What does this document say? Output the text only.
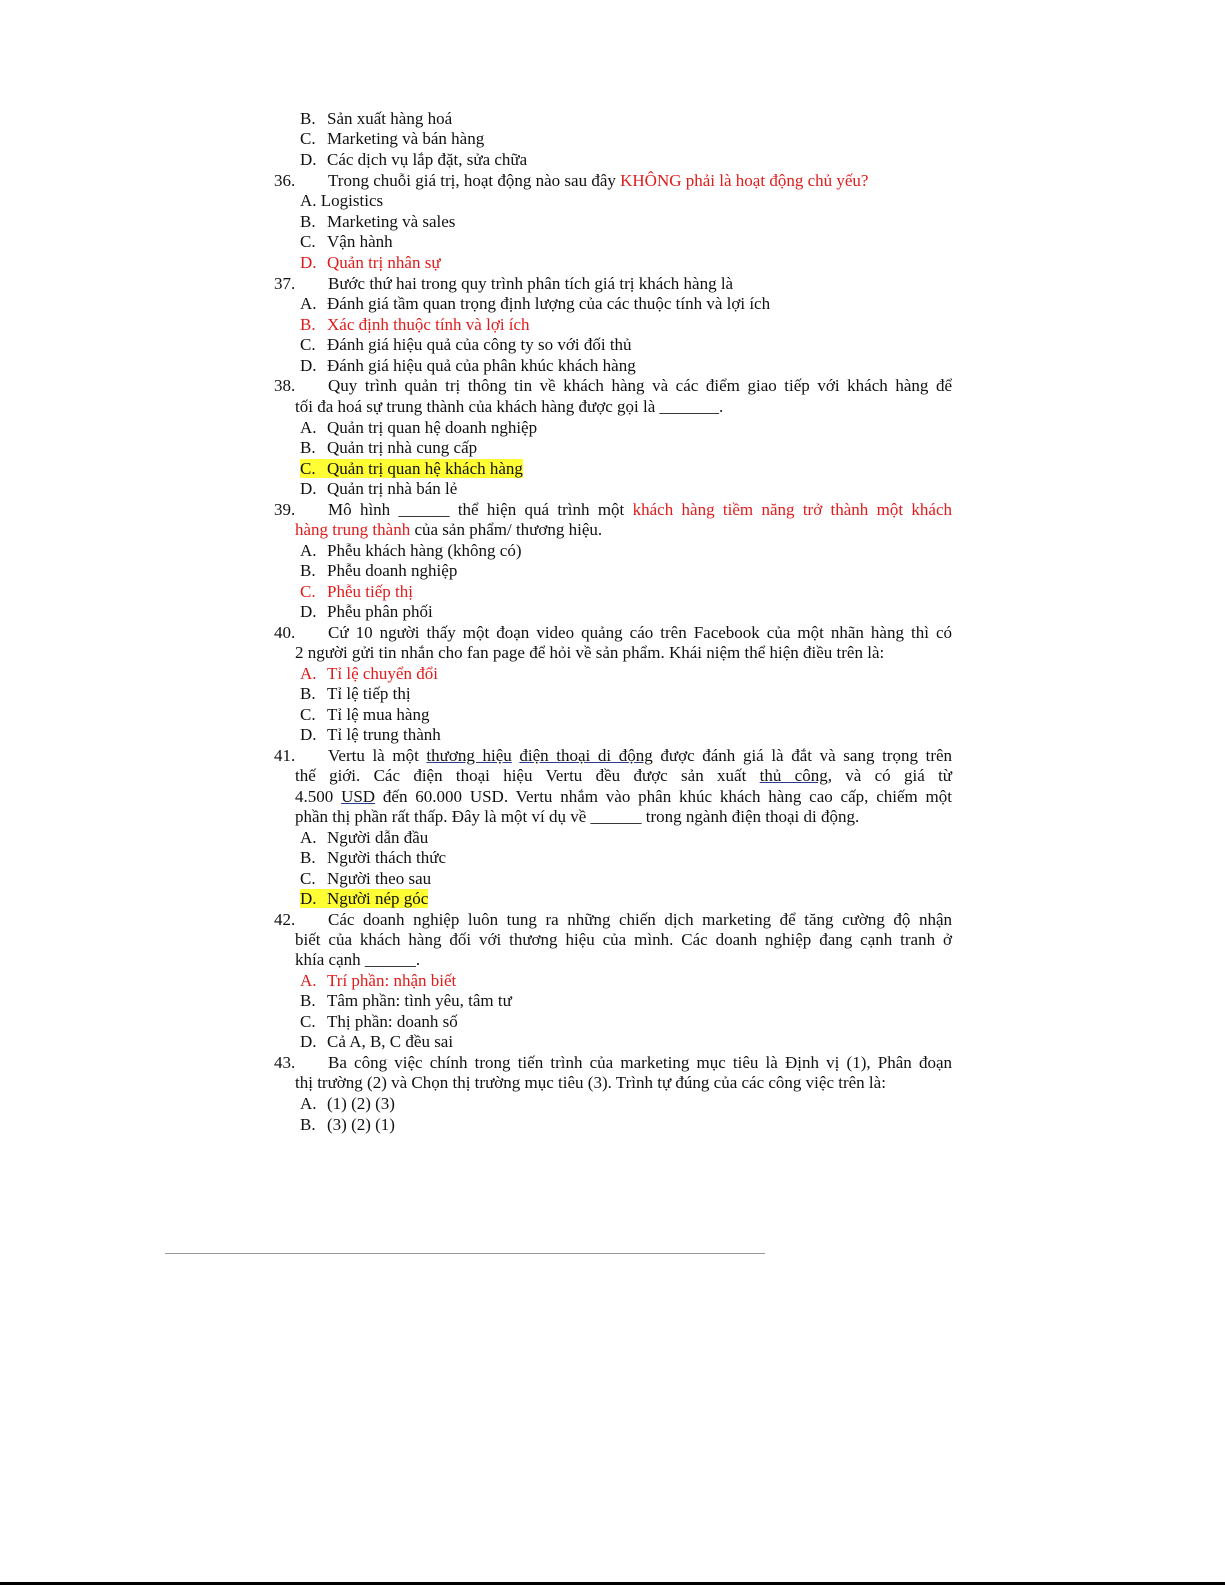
B. Sản xuất hàng hoá
C. Marketing và bán hàng
D. Các dịch vụ lắp đặt, sửa chữa
36. Trong chuỗi giá trị, hoạt động nào sau đây KHÔNG phải là hoạt động chủ yếu?
A. Logistics
B. Marketing và sales
C. Vận hành
D. Quản trị nhân sự
37. Bước thứ hai trong quy trình phân tích giá trị khách hàng là
A. Đánh giá tầm quan trọng định lượng của các thuộc tính và lợi ích
B. Xác định thuộc tính và lợi ích
C. Đánh giá hiệu quả của công ty so với đối thủ
D. Đánh giá hiệu quả của phân khúc khách hàng
38. Quy trình quản trị thông tin về khách hàng và các điểm giao tiếp với khách hàng để
tối đa hoá sự trung thành của khách hàng được gọi là _______.
A. Quản trị quan hệ doanh nghiệp
B. Quản trị nhà cung cấp
C. Quản trị quan hệ khách hàng
D. Quản trị nhà bán lẻ
39. Mô hình ______ thể hiện quá trình một khách hàng tiềm năng trở thành một khách
hàng trung thành của sản phẩm/ thương hiệu.
A. Phễu khách hàng (không có)
B. Phễu doanh nghiệp
C. Phễu tiếp thị
D. Phễu phân phối
40. Cứ 10 người thấy một đoạn video quảng cáo trên Facebook của một nhãn hàng thì có
2 người gửi tin nhắn cho fan page để hỏi về sản phẩm. Khái niệm thể hiện điều trên là:
A. Tỉ lệ chuyển đổi
B. Tỉ lệ tiếp thị
C. Tỉ lệ mua hàng
D. Tỉ lệ trung thành
41. Vertu là một thương hiệu điện thoại di động được đánh giá là đắt và sang trọng trên
thế giới. Các điện thoại hiệu Vertu đều được sản xuất thủ công, và có giá từ
4.500 USD đến 60.000 USD. Vertu nhắm vào phân khúc khách hàng cao cấp, chiếm một
phần thị phần rất thấp. Đây là một ví dụ về ______ trong ngành điện thoại di động.
A. Người dẫn đầu
B. Người thách thức
C. Người theo sau
D. Người nép góc
42. Các doanh nghiệp luôn tung ra những chiến dịch marketing để tăng cường độ nhận
biết của khách hàng đối với thương hiệu của mình. Các doanh nghiệp đang cạnh tranh ở
khía cạnh ______.
A. Trí phần: nhận biết
B. Tâm phần: tình yêu, tâm tư
C. Thị phần: doanh số
D. Cả A, B, C đều sai
43. Ba công việc chính trong tiến trình của marketing mục tiêu là Định vị (1), Phân đoạn
thị trường (2) và Chọn thị trường mục tiêu (3). Trình tự đúng của các công việc trên là:
A. (1) (2) (3)
B. (3) (2) (1)
